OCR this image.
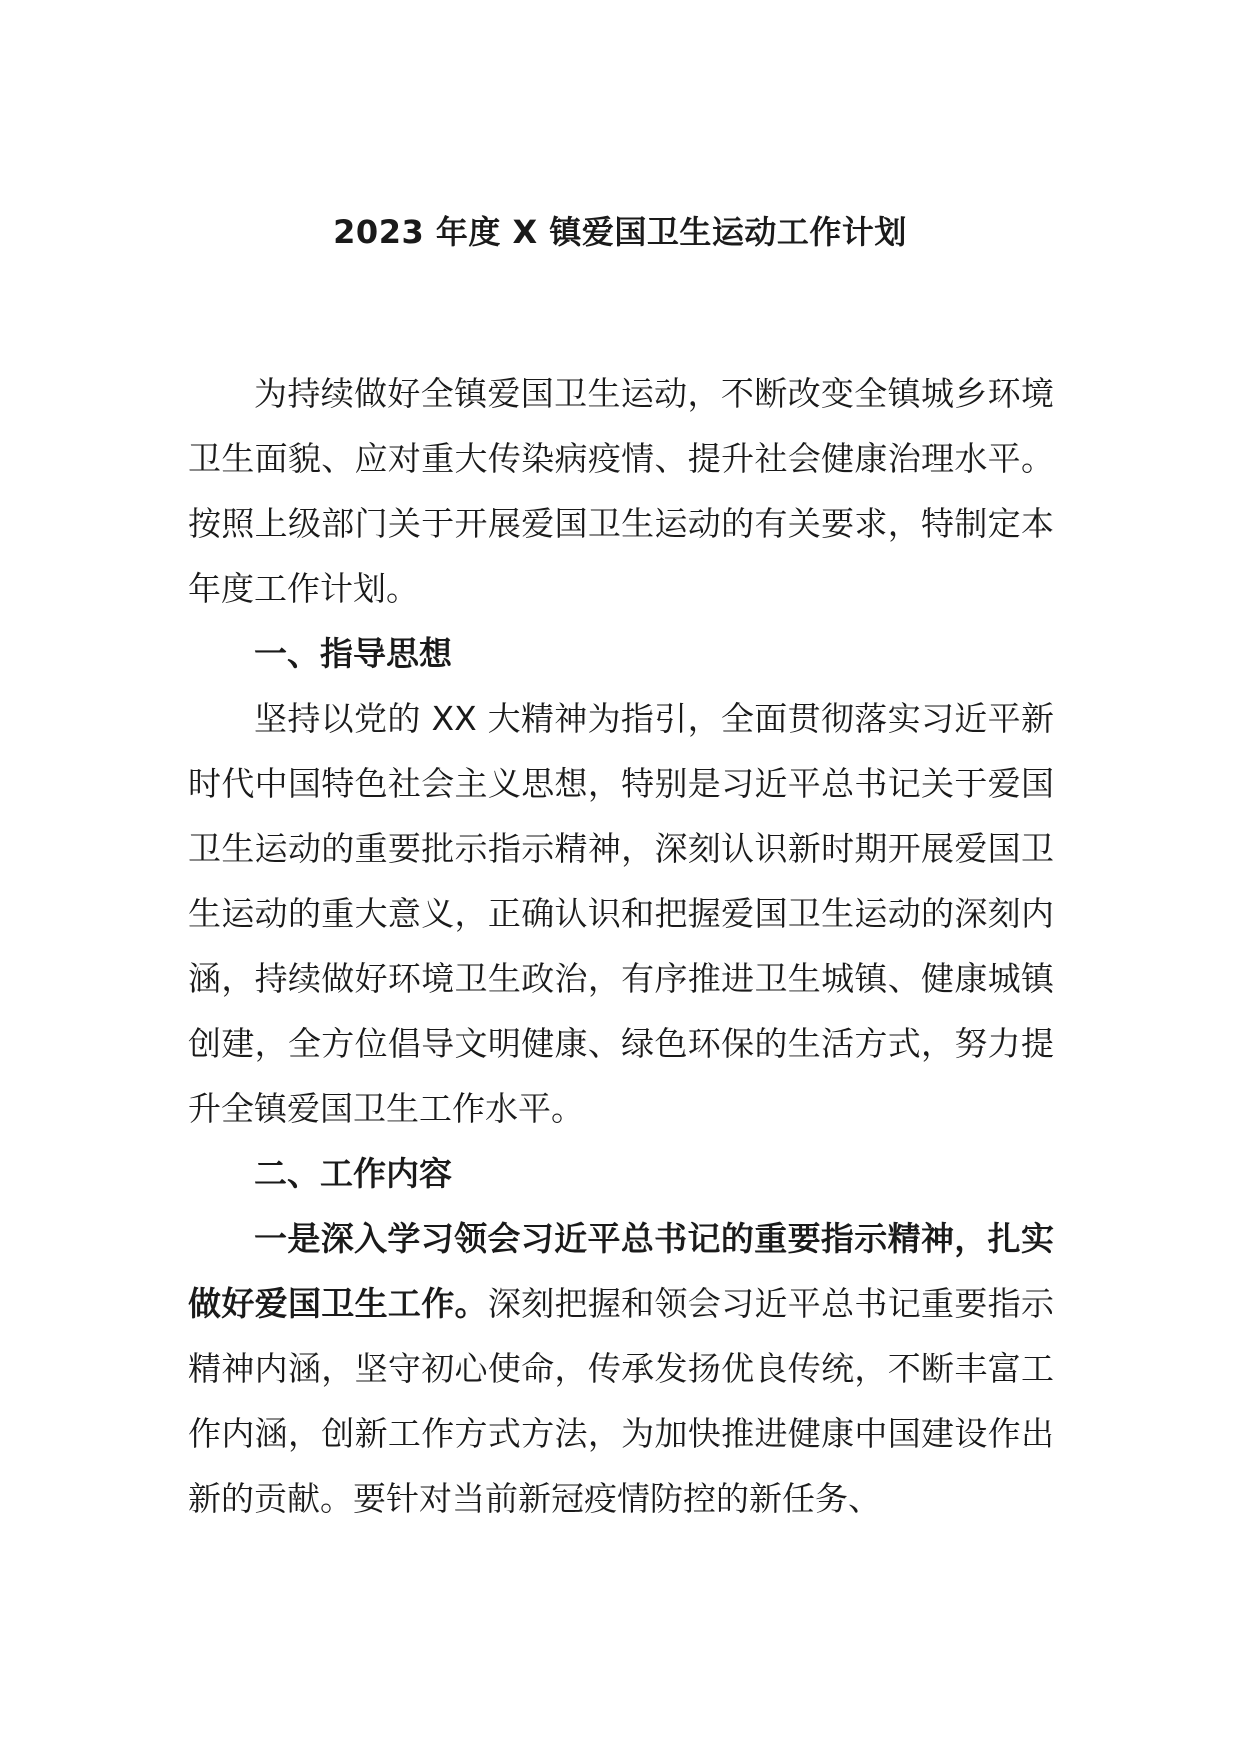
2023 年度 X 镇爱国卫生运动工作计划

为持续做好全镇爱国卫生运动，不断改变全镇城乡环境卫生面貌、应对重大传染病疫情、提升社会健康治理水平。按照上级部门关于开展爱国卫生运动的有关要求，特制定本年度工作计划。

一、指导思想

坚持以党的 XX 大精神为指引，全面贯彻落实习近平新时代中国特色社会主义思想，特别是习近平总书记关于爱国卫生运动的重要批示指示精神，深刻认识新时期开展爱国卫生运动的重大意义，正确认识和把握爱国卫生运动的深刻内涵，持续做好环境卫生政治，有序推进卫生城镇、健康城镇创建，全方位倡导文明健康、绿色环保的生活方式，努力提升全镇爱国卫生工作水平。

二、工作内容

一是深入学习领会习近平总书记的重要指示精神，扎实做好爱国卫生工作。深刻把握和领会习近平总书记重要指示精神内涵，坚守初心使命，传承发扬优良传统，不断丰富工作内涵，创新工作方式方法，为加快推进健康中国建设作出新的贡献。要针对当前新冠疫情防控的新任务、
